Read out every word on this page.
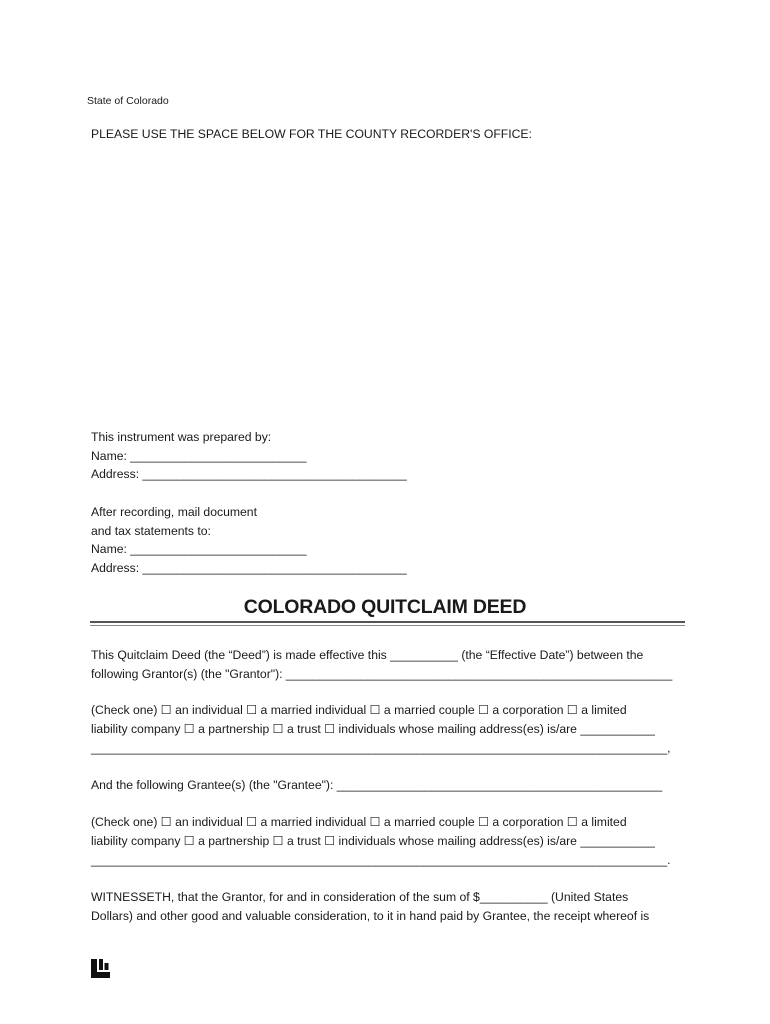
State of Colorado
PLEASE USE THE SPACE BELOW FOR THE COUNTY RECORDER'S OFFICE:
This instrument was prepared by:
Name: __________________________
Address: _______________________________________
After recording, mail document
and tax statements to:
Name: __________________________
Address: _______________________________________
COLORADO QUITCLAIM DEED
This Quitclaim Deed (the “Deed”) is made effective this __________ (the “Effective Date”) between the
following Grantor(s) (the "Grantor"): _________________________________________________________
(Check one) ☐ an individual ☐ a married individual ☐ a married couple ☐ a corporation ☐ a limited
liability company ☐ a partnership ☐ a trust ☐ individuals whose mailing address(es) is/are ___________
_____________________________________________________________________________________,
And the following Grantee(s) (the "Grantee"): ________________________________________________
(Check one) ☐ an individual ☐ a married individual ☐ a married couple ☐ a corporation ☐ a limited
liability company ☐ a partnership ☐ a trust ☐ individuals whose mailing address(es) is/are ___________
_____________________________________________________________________________________.
WITNESSETH, that the Grantor, for and in consideration of the sum of $__________ (United States
Dollars) and other good and valuable consideration, to it in hand paid by Grantee, the receipt whereof is
